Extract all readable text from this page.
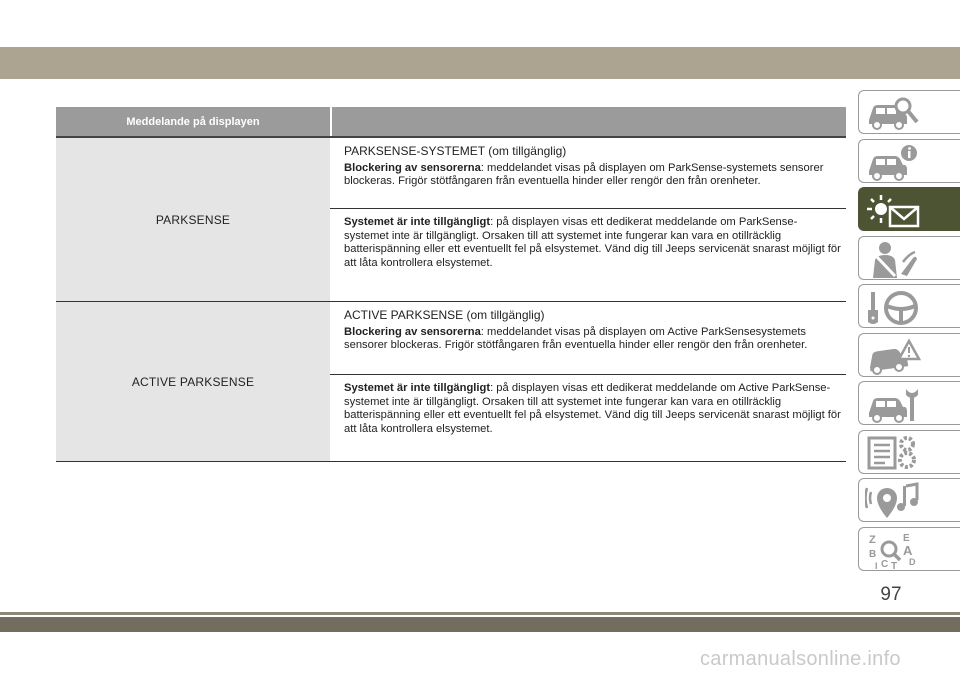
Meddelande på displayen
PARKSENSE
PARKSENSE-SYSTEMET (om tillgänglig)
Blockering av sensorerna: meddelandet visas på displayen om ParkSense-systemets sensorer blockeras. Frigör stötfångaren från eventuella hinder eller rengör den från orenheter.
Systemet är inte tillgängligt: på displayen visas ett dedikerat meddelande om ParkSense-systemet inte är tillgängligt. Orsaken till att systemet inte fungerar kan vara en otillräcklig batterispänning eller ett eventuellt fel på elsystemet. Vänd dig till Jeeps servicenät snarast möjligt för att låta kontrollera elsystemet.
ACTIVE PARKSENSE
ACTIVE PARKSENSE (om tillgänglig)
Blockering av sensorerna: meddelandet visas på displayen om Active ParkSensesystemets sensorer blockeras. Frigör stötfångaren från eventuella hinder eller rengör den från orenheter.
Systemet är inte tillgängligt: på displayen visas ett dedikerat meddelande om Active ParkSense-systemet inte är tillgängligt. Orsaken till att systemet inte fungerar kan vara en otillräcklig batterispänning eller ett eventuellt fel på elsystemet. Vänd dig till Jeeps servicenät snarast möjligt för att låta kontrollera elsystemet.
Z	E
B A
C D
T
I
97
carmanualsonline.info
